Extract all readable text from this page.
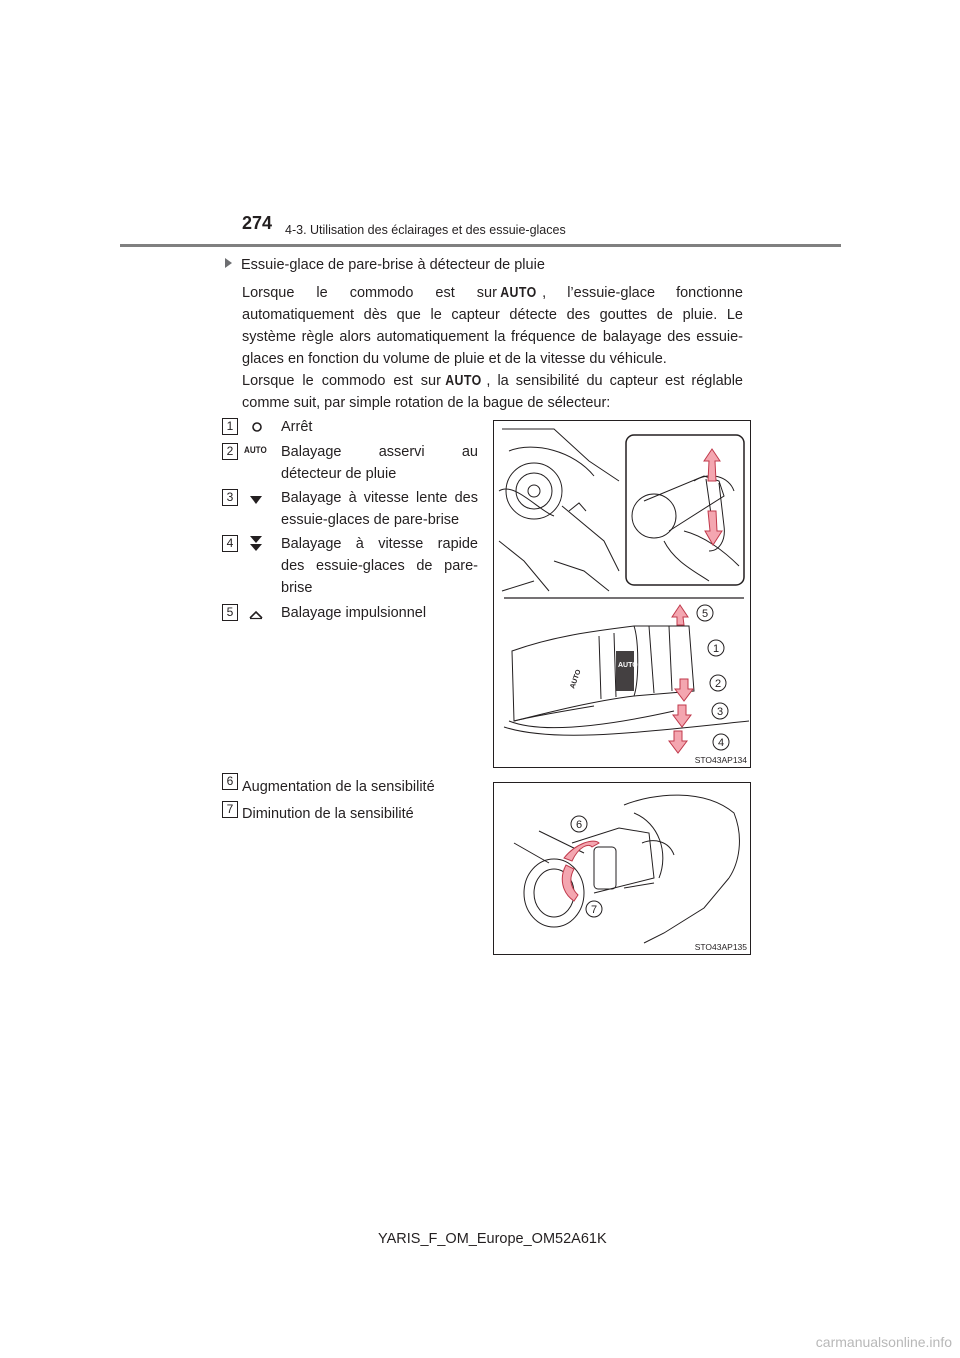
274 4-3. Utilisation des éclairages et des essuie-glaces
Essuie-glace de pare-brise à détecteur de pluie
Lorsque le commodo est sur AUTO , l’essuie-glace fonctionne
automatiquement dès que le capteur détecte des gouttes de pluie. Le
système règle alors automatiquement la fréquence de balayage des essuie-
glaces en fonction du volume de pluie et de la vitesse du véhicule.
Lorsque le commodo est sur AUTO , la sensibilité du capteur est réglable
comme suit, par simple rotation de la bague de sélecteur:
1	Arrêt
2	AUTO Balayage asservi au
détecteur de pluie
3	Balayage à vitesse lente des
essuie-glaces de pare-brise
4	Balayage à vitesse rapide
des essuie-glaces de pare-
brise
5	Balayage impulsionnel
AUTO
AUTO
5
1
2
3
4
STO43AP134
6 Augmentation de la sensibilité
7 Diminution de la sensibilité
6
7
STO43AP135
YARIS_F_OM_Europe_OM52A61K
carmanualsonline.info
